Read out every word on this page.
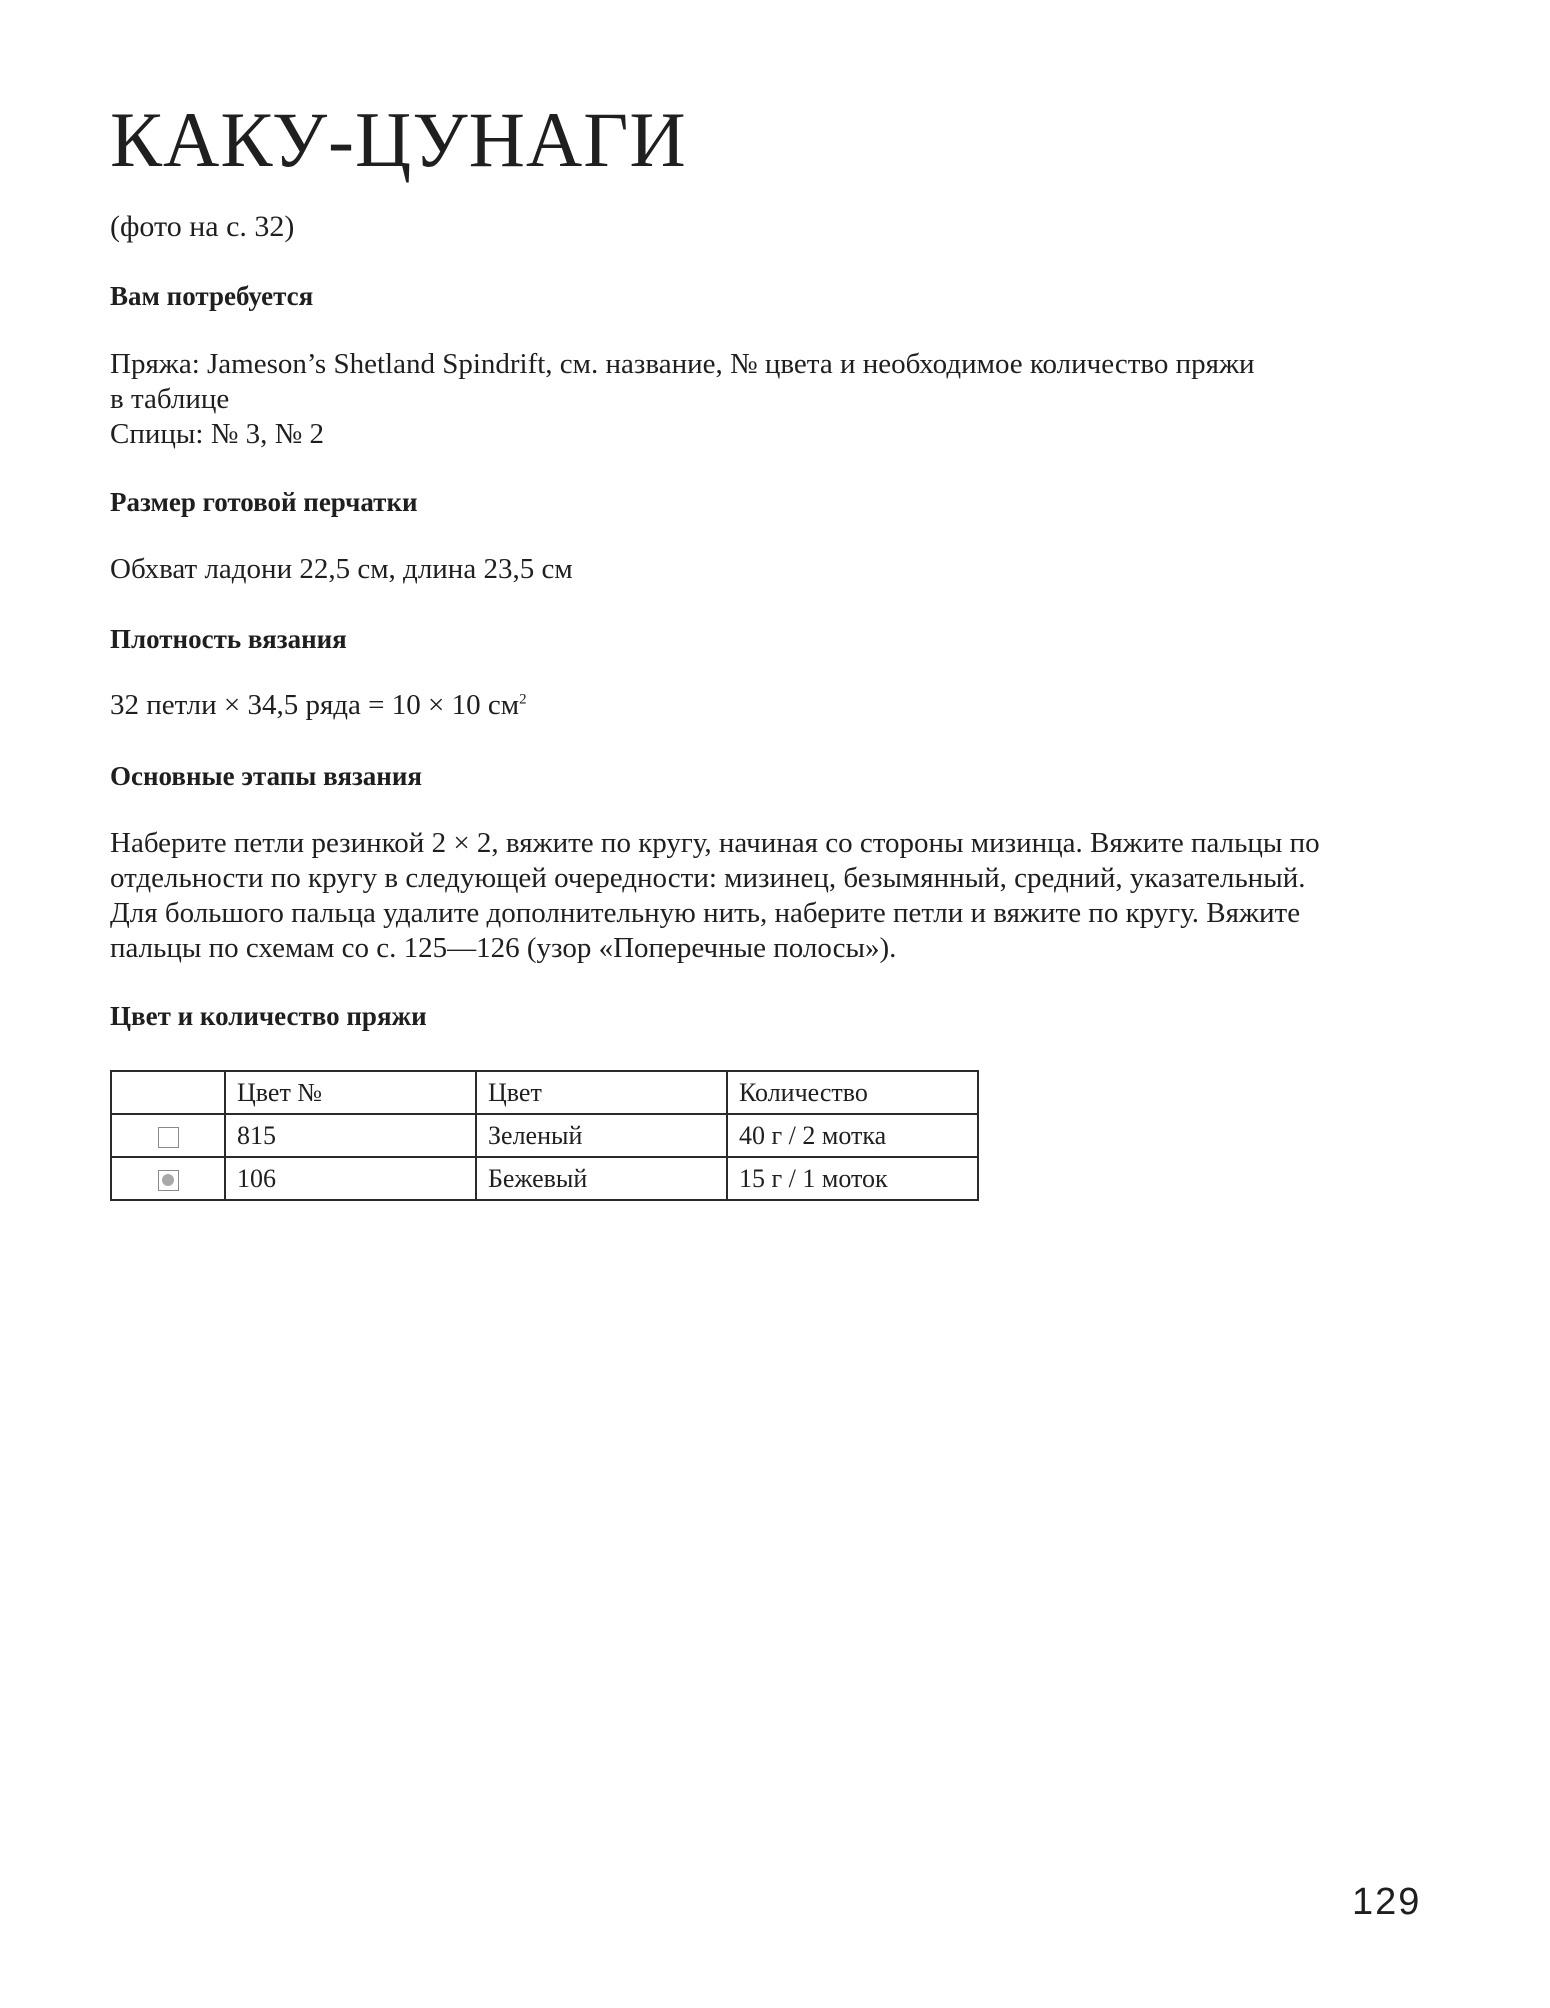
КАКУ-ЦУНАГИ

(фото на с. 32)

Вам потребуется

Пряжа: Jameson’s Shetland Spindrift, см. название, № цвета и необходимое количество пряжи
в таблице
Спицы: № 3, № 2

Размер готовой перчатки

Обхват ладони 22,5 см, длина 23,5 см

Плотность вязания

32 петли × 34,5 ряда = 10 × 10 $см^2$

Основные этапы вязания

Наберите петли резинкой 2 × 2, вяжите по кругу, начиная со стороны мизинца. Вяжите пальцы по
отдельности по кругу в следующей очередности: мизинец, безымянный, средний, указательный.
Для большого пальца удалите дополнительную нить, наберите петли и вяжите по кругу. Вяжите
пальцы по схемам со с. 125—126 (узор «Поперечные полосы»).

Цвет и количество пряжи
	Цвет №	Цвет	Количество
	815	Зеленый	40 г / 2 мотка

	106	Бежевый	15 г / 1 моток

129
